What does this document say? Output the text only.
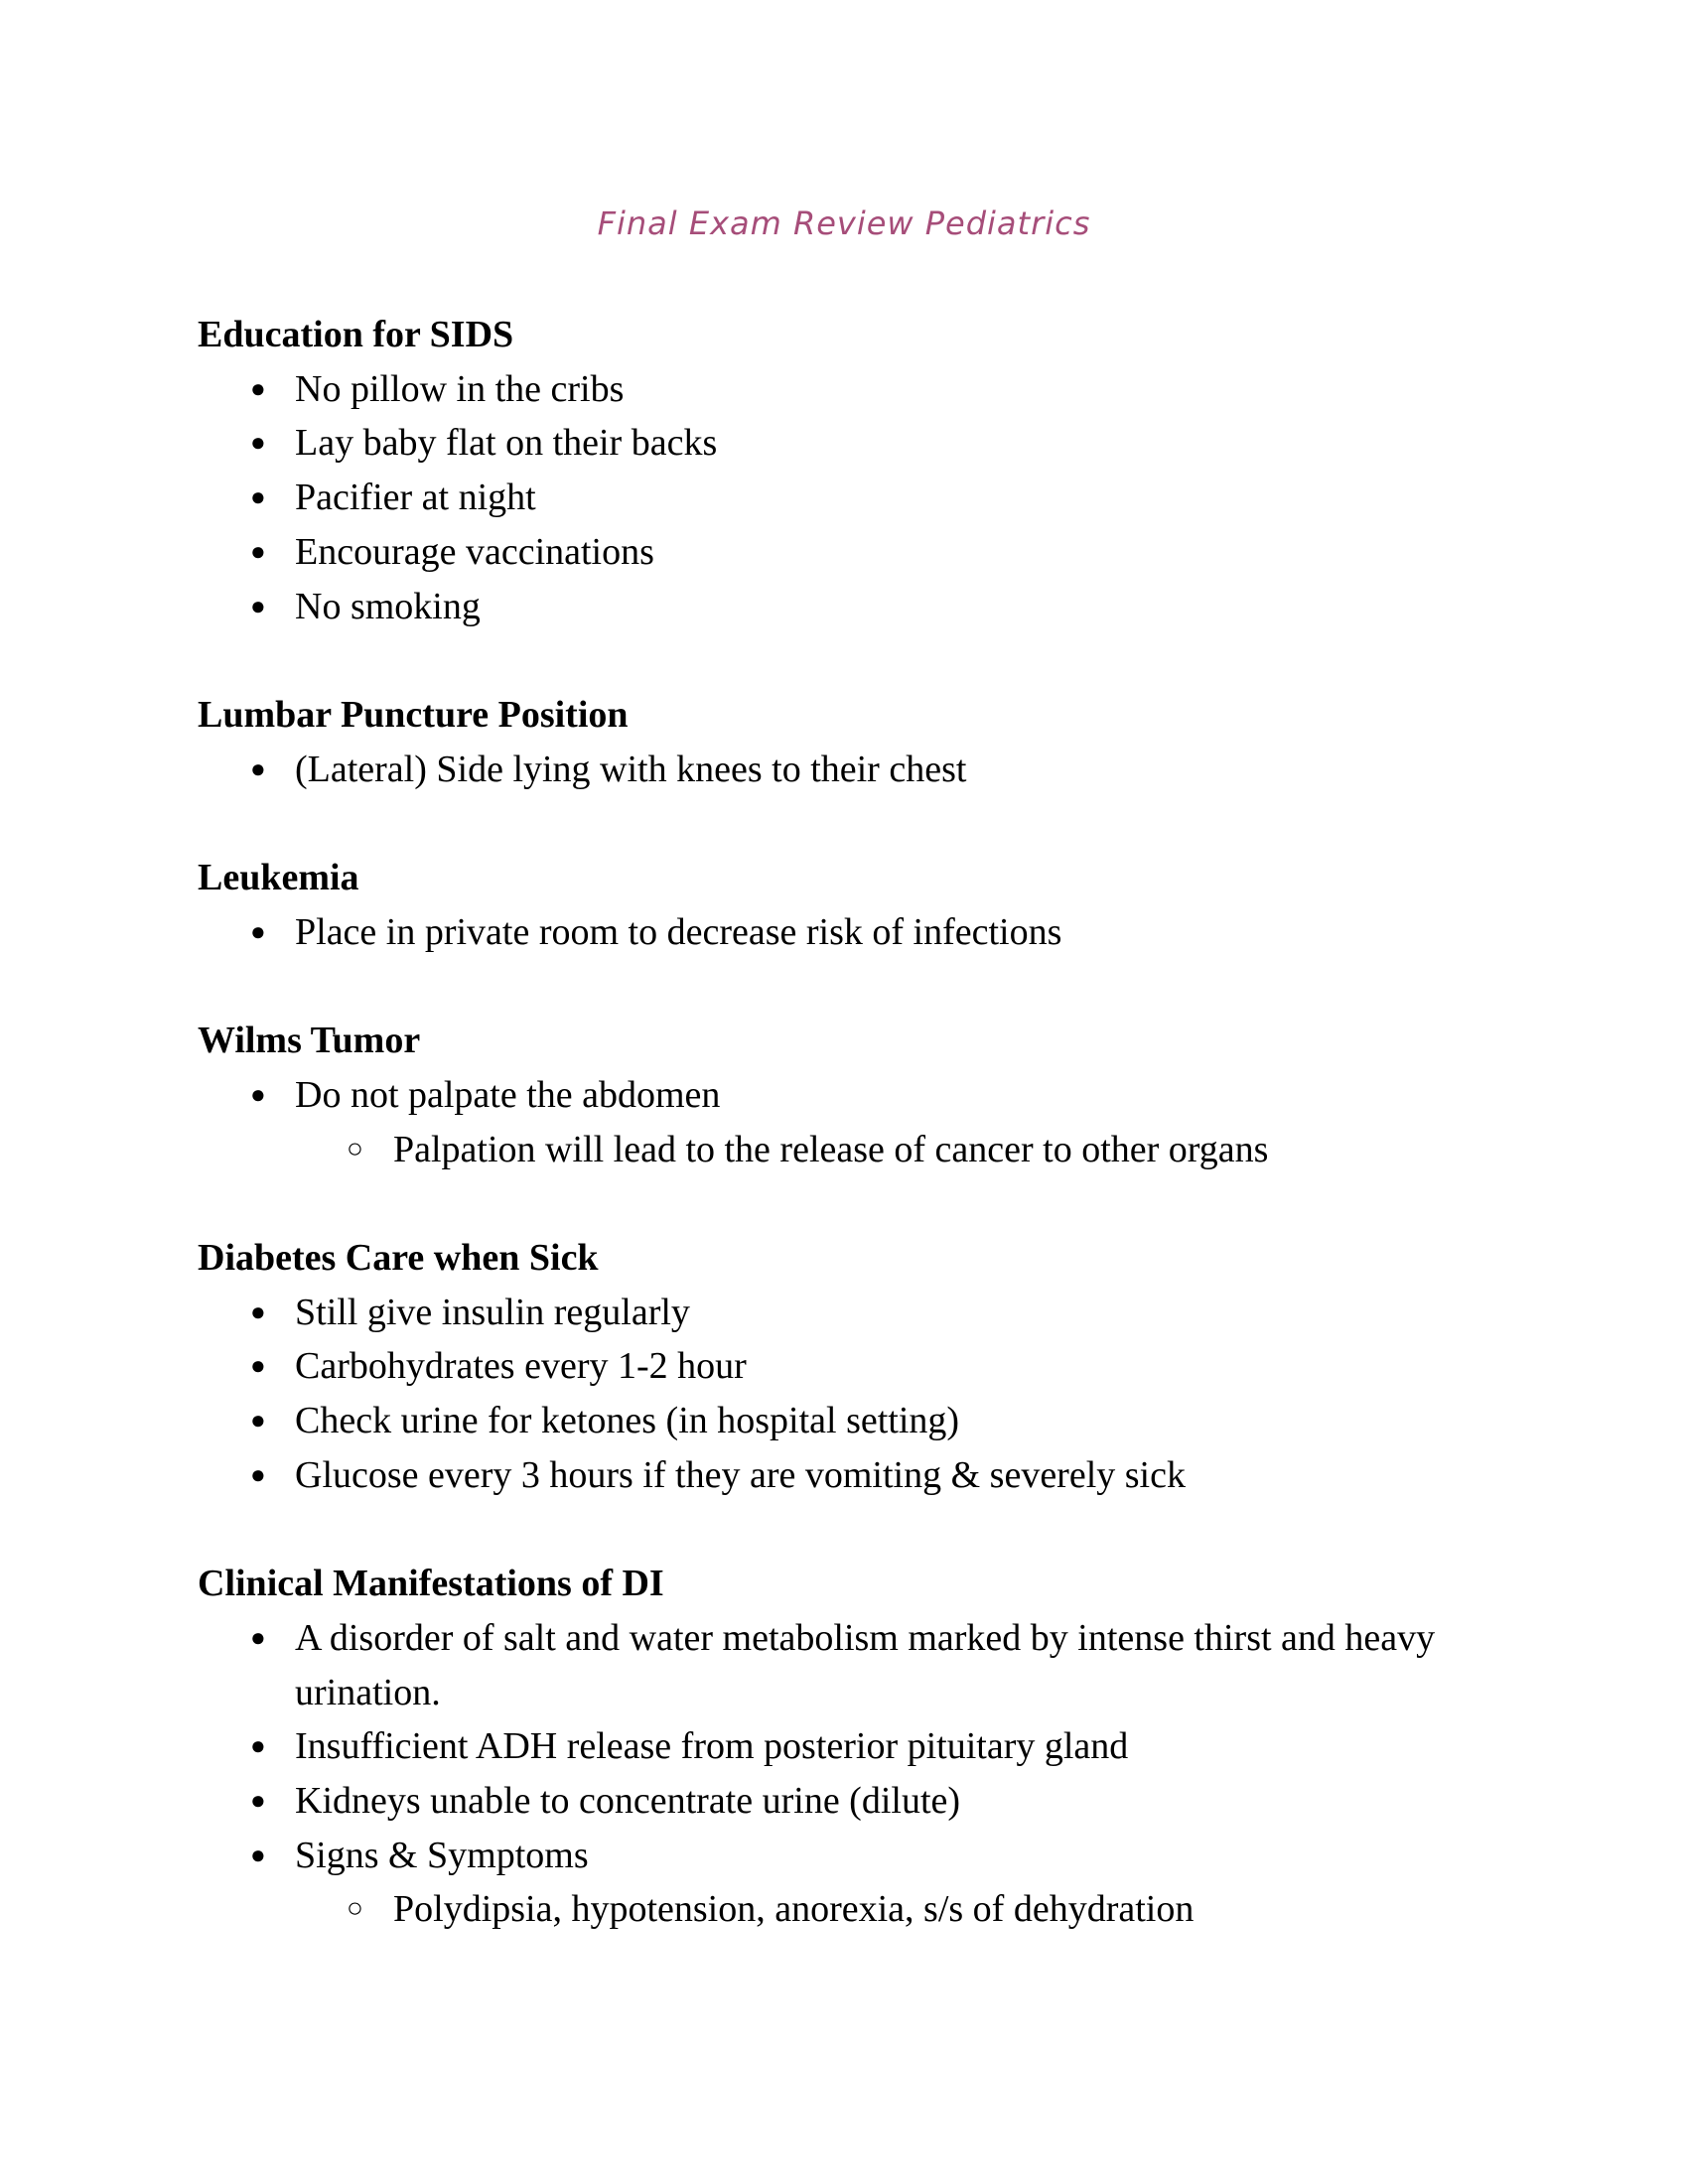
Final Exam Review Pediatrics
Education for SIDS
● No pillow in the cribs
● Lay baby flat on their backs
● Pacifier at night
● Encourage vaccinations
● No smoking
Lumbar Puncture Position
● (Lateral) Side lying with knees to their chest
Leukemia
● Place in private room to decrease risk of infections
Wilms Tumor
● Do not palpate the abdomen
○ Palpation will lead to the release of cancer to other organs
Diabetes Care when Sick
● Still give insulin regularly
● Carbohydrates every 1-2 hour
● Check urine for ketones (in hospital setting)
● Glucose every 3 hours if they are vomiting & severely sick
Clinical Manifestations of DI
● A disorder of salt and water metabolism marked by intense thirst and heavy urination.
● Insufficient ADH release from posterior pituitary gland
● Kidneys unable to concentrate urine (dilute)
● Signs & Symptoms
○ Polydipsia, hypotension, anorexia, s/s of dehydration
